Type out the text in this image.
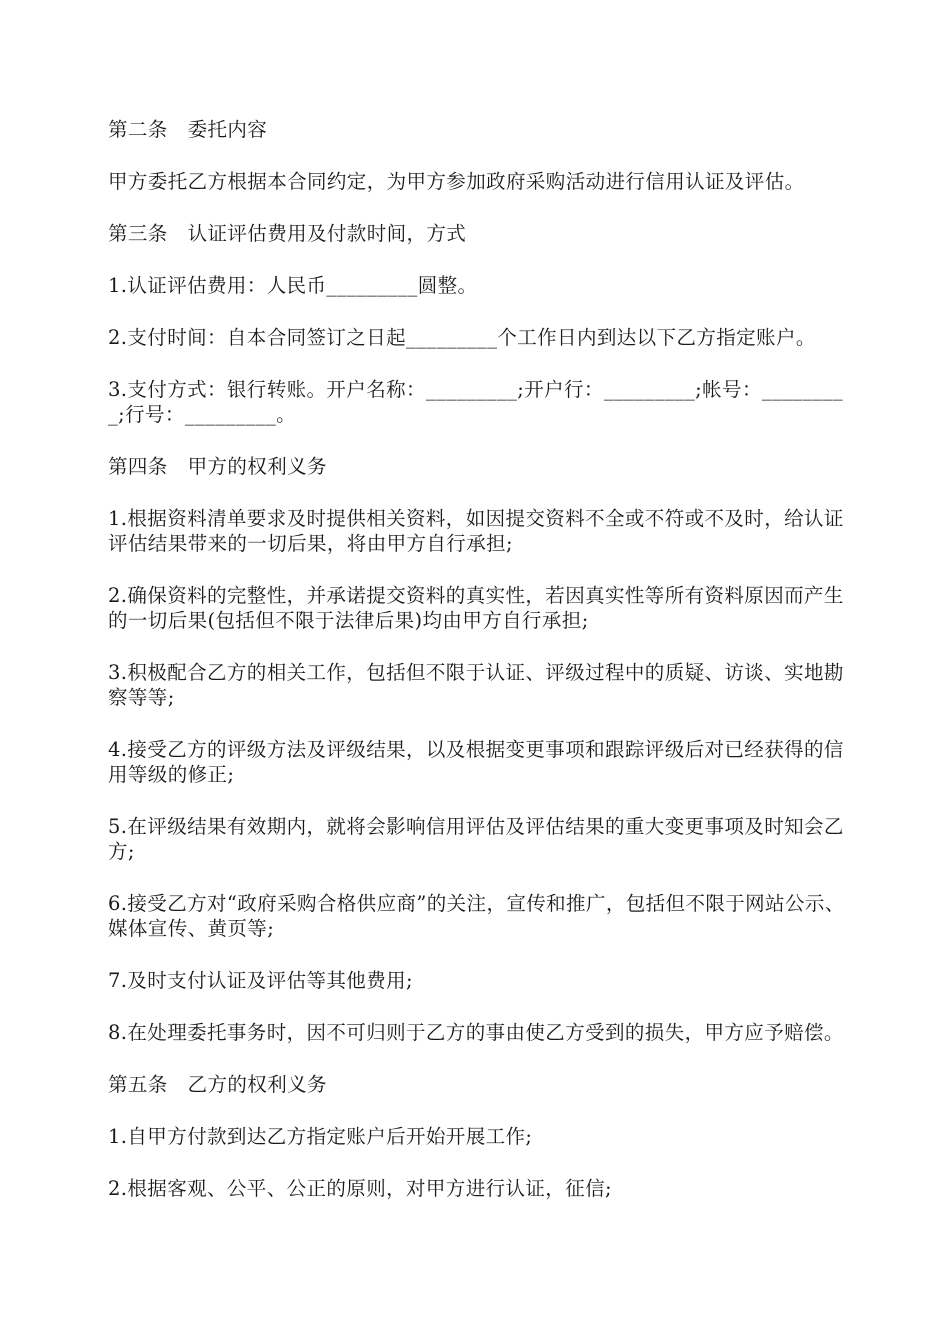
第二条　委托内容

甲方委托乙方根据本合同约定，为甲方参加政府采购活动进行信用认证及评估。

第三条　认证评估费用及付款时间，方式

1.认证评估费用：人民币_________圆整。

2.支付时间：自本合同签订之日起_________个工作日内到达以下乙方指定账户。

3.支付方式：银行转账。开户名称：_________;开户行：_________;帐号：_________;行号：_________。

第四条　甲方的权利义务

1.根据资料清单要求及时提供相关资料，如因提交资料不全或不符或不及时，给认证评估结果带来的一切后果，将由甲方自行承担;

2.确保资料的完整性，并承诺提交资料的真实性，若因真实性等所有资料原因而产生的一切后果(包括但不限于法律后果)均由甲方自行承担;

3.积极配合乙方的相关工作，包括但不限于认证、评级过程中的质疑、访谈、实地勘察等等;

4.接受乙方的评级方法及评级结果，以及根据变更事项和跟踪评级后对已经获得的信用等级的修正;

5.在评级结果有效期内，就将会影响信用评估及评估结果的重大变更事项及时知会乙方;

6.接受乙方对“政府采购合格供应商”的关注，宣传和推广，包括但不限于网站公示、媒体宣传、黄页等;

7.及时支付认证及评估等其他费用;

8.在处理委托事务时，因不可归则于乙方的事由使乙方受到的损失，甲方应予赔偿。

第五条　乙方的权利义务

1.自甲方付款到达乙方指定账户后开始开展工作;

2.根据客观、公平、公正的原则，对甲方进行认证，征信;
